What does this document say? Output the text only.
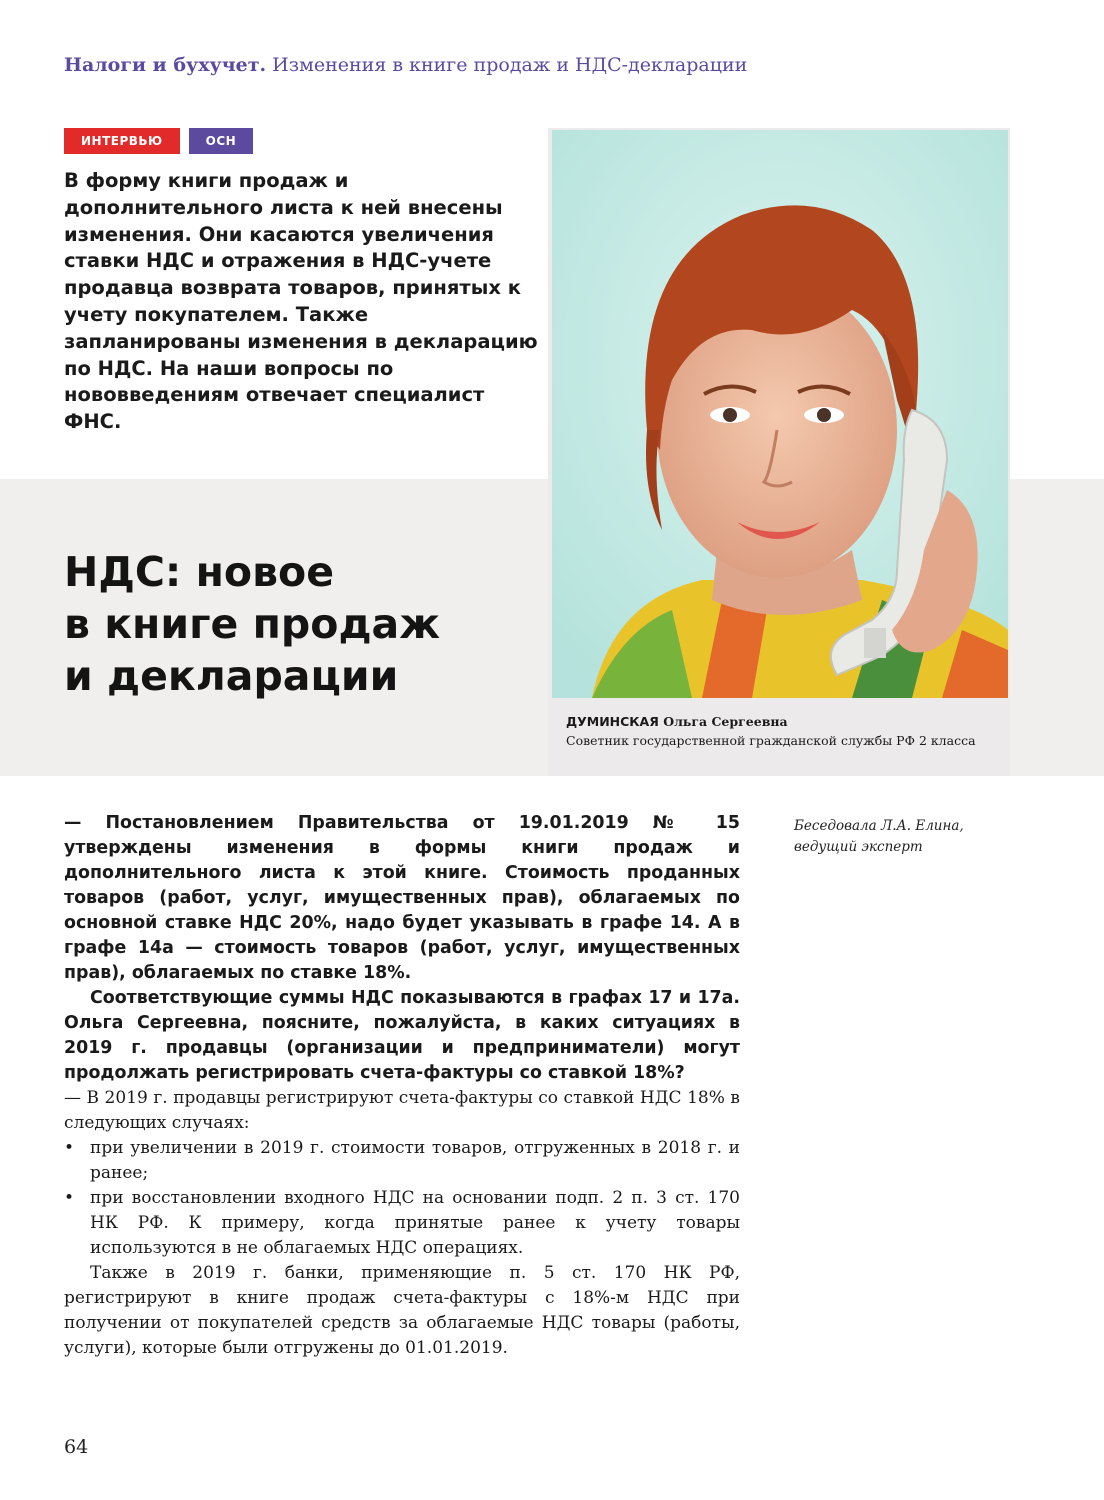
Налоги и бухучет. Изменения в книге продаж и НДС-декларации
ИНТЕРВЬЮ	ОСН

В форму книги продаж и дополнительного листа к ней внесены изменения. Они касаются увеличения ставки НДС и отражения в НДС-учете продавца возврата товаров, принятых к учету покупателем. Также запланированы изменения в декларацию по НДС. На наши вопросы по нововведениям отвечает специалист ФНС.

ДУМИНСКАЯ Ольга Сергеевна
Советник государственной гражданской службы РФ 2 класса
НДС: новое
в книге продаж
и декларации
Беседовала Л.А. Елина,
ведущий эксперт

— Постановлением Правительства от 19.01.2019 № 15 утверждены изменения в формы книги продаж и дополнительного листа к этой книге. Стоимость проданных товаров (работ, услуг, имущественных прав), облагаемых по основной ставке НДС 20%, надо будет указывать в графе 14. А в графе 14а — стоимость товаров (работ, услуг, имущественных прав), облагаемых по ставке 18%.

Соответствующие суммы НДС показываются в графах 17 и 17а. Ольга Сергеевна, поясните, пожалуйста, в каких ситуациях в 2019 г. продавцы (организации и предприниматели) могут продолжать регистрировать счета-фактуры со ставкой 18%?

— В 2019 г. продавцы регистрируют счета-фактуры со ставкой НДС 18% в следующих случаях:

• при увеличении в 2019 г. стоимости товаров, отгруженных в 2018 г. и ранее;
• при восстановлении входного НДС на основании подп. 2 п. 3 ст. 170 НК РФ. К примеру, когда принятые ранее к учету товары используются в не облагаемых НДС операциях.

Также в 2019 г. банки, применяющие п. 5 ст. 170 НК РФ, регистрируют в книге продаж счета-фактуры с 18%-м НДС при получении от покупателей средств за облагаемые НДС товары (работы, услуги), которые были отгружены до 01.01.2019.

64
